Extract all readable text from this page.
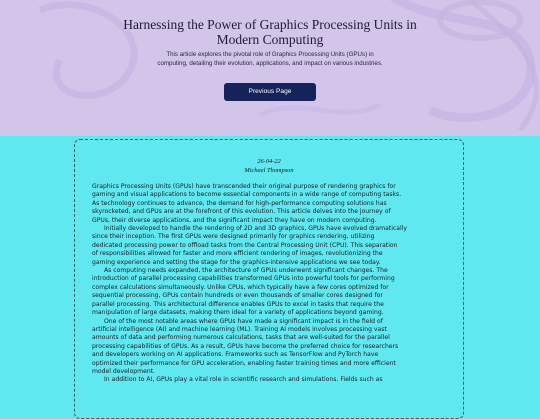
Harnessing the Power of Graphics Processing Units in
Modern Computing
This article explores the pivotal role of Graphics Processing Units (GPUs) in
computing, detailing their evolution, applications, and impact on various industries.
Previous Page
26-04-22
Michael Thompson

Graphics Processing Units (GPUs) have transcended their original purpose of rendering graphics for
gaming and visual applications to become essential components in a wide range of computing tasks.
As technology continues to advance, the demand for high-performance computing solutions has
skyrocketed, and GPUs are at the forefront of this evolution. This article delves into the journey of
GPUs, their diverse applications, and the significant impact they have on modern computing.

Initially developed to handle the rendering of 2D and 3D graphics, GPUs have evolved dramatically
since their inception. The first GPUs were designed primarily for graphics rendering, utilizing
dedicated processing power to offload tasks from the Central Processing Unit (CPU). This separation
of responsibilities allowed for faster and more efficient rendering of images, revolutionizing the
gaming experience and setting the stage for the graphics-intensive applications we see today.

As computing needs expanded, the architecture of GPUs underwent significant changes. The
introduction of parallel processing capabilities transformed GPUs into powerful tools for performing
complex calculations simultaneously. Unlike CPUs, which typically have a few cores optimized for
sequential processing, GPUs contain hundreds or even thousands of smaller cores designed for
parallel processing. This architectural difference enables GPUs to excel in tasks that require the
manipulation of large datasets, making them ideal for a variety of applications beyond gaming.

One of the most notable areas where GPUs have made a significant impact is in the field of
artificial intelligence (AI) and machine learning (ML). Training AI models involves processing vast
amounts of data and performing numerous calculations, tasks that are well-suited for the parallel
processing capabilities of GPUs. As a result, GPUs have become the preferred choice for researchers
and developers working on AI applications. Frameworks such as TensorFlow and PyTorch have
optimized their performance for GPU acceleration, enabling faster training times and more efficient
model development.

In addition to AI, GPUs play a vital role in scientific research and simulations. Fields such as
